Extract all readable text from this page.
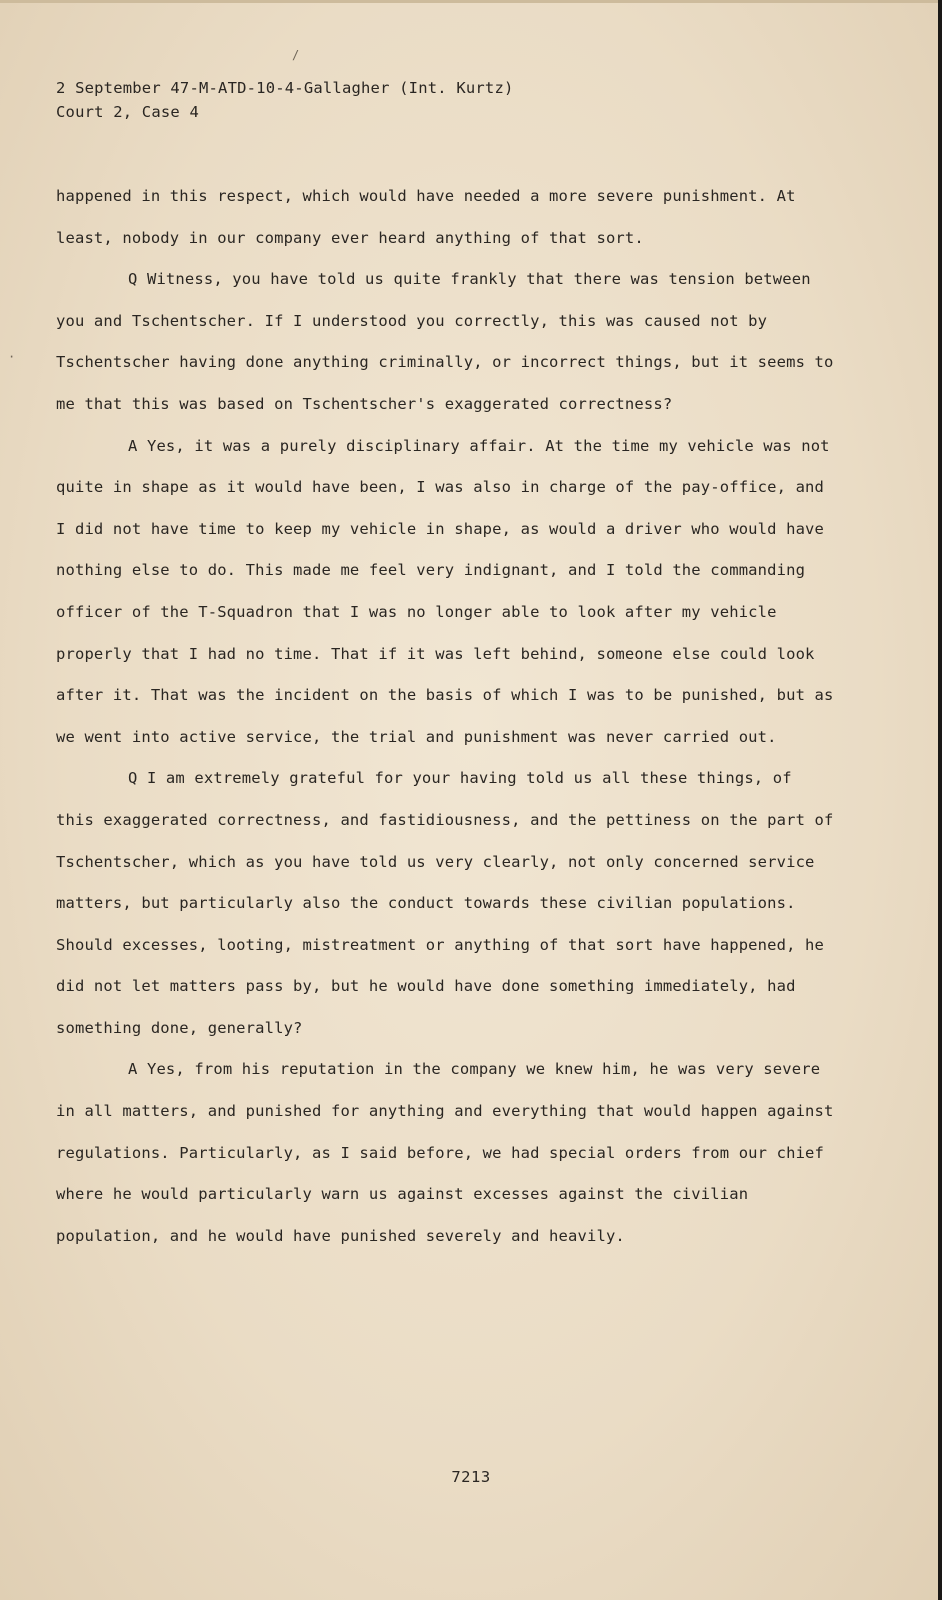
/
·
2 September 47-M-ATD-10-4-Gallagher (Int. Kurtz)
Court 2, Case 4

happened in this respect, which would have needed a more severe punishment. At least, nobody in our company ever heard anything of that sort.

Q Witness, you have told us quite frankly that there was tension between you and Tschentscher. If I understood you correctly, this was caused not by Tschentscher having done anything criminally, or incorrect things, but it seems to me that this was based on Tschentscher's exaggerated correctness?

A Yes, it was a purely disciplinary affair. At the time my vehicle was not quite in shape as it would have been, I was also in charge of the pay-office, and I did not have time to keep my vehicle in shape, as would a driver who would have nothing else to do. This made me feel very indignant, and I told the commanding officer of the T-Squadron that I was no longer able to look after my vehicle properly that I had no time. That if it was left behind, someone else could look after it. That was the incident on the basis of which I was to be punished, but as we went into active service, the trial and punishment was never carried out.

Q I am extremely grateful for your having told us all these things, of this exaggerated correctness, and fastidiousness, and the pettiness on the part of Tschentscher, which as you have told us very clearly, not only concerned service matters, but particularly also the conduct towards these civilian populations. Should excesses, looting, mistreatment or anything of that sort have happened, he did not let matters pass by, but he would have done something immediately, had something done, generally?

A Yes, from his reputation in the company we knew him, he was very severe in all matters, and punished for anything and everything that would happen against regulations. Particularly, as I said before, we had special orders from our chief where he would particularly warn us against excesses against the civilian population, and he would have punished severely and heavily.

7213
